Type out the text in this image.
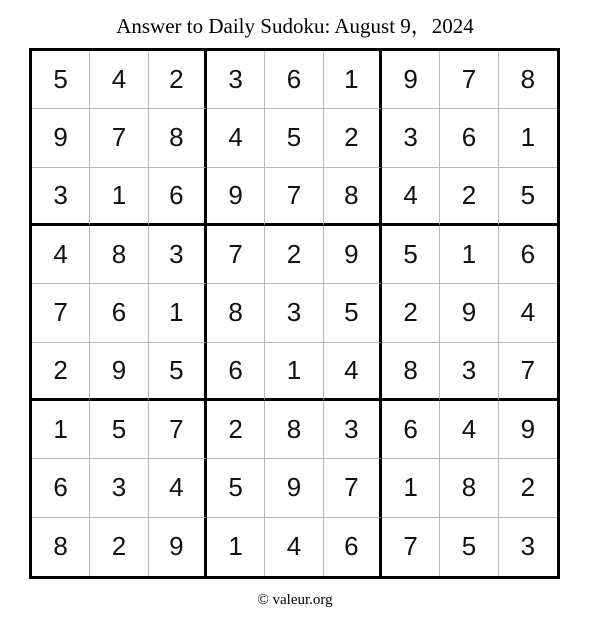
Answer to Daily Sudoku: August 9，2024
5	4	2	3	6	1	9	7	8
9	7	8	4	5	2	3	6	1
3	1	6	9	7	8	4	2	5
4	8	3	7	2	9	5	1	6
7	6	1	8	3	5	2	9	4
2	9	5	6	1	4	8	3	7
1	5	7	2	8	3	6	4	9
6	3	4	5	9	7	1	8	2
8	2	9	1	4	6	7	5	3
© valeur.org
